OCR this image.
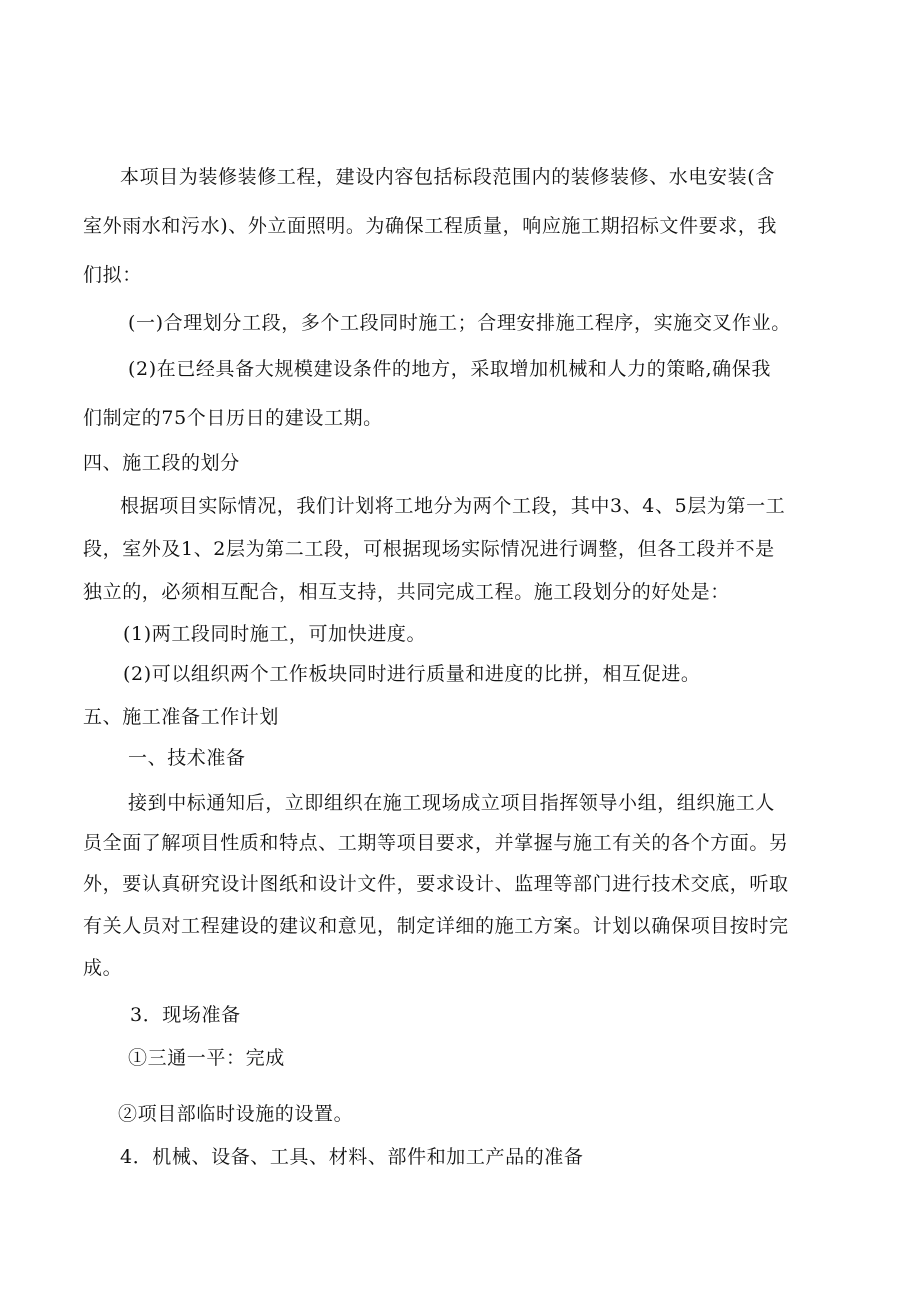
本项目为装修装修工程，建设内容包括标段范围内的装修装修、水电安装(含
室外雨水和污水)、外立面照明。为确保工程质量，响应施工期招标文件要求，我
们拟：
(一)合理划分工段，多个工段同时施工；合理安排施工程序，实施交叉作业。
(2)在已经具备大规模建设条件的地方，采取增加机械和人力的策略,确保我
们制定的75个日历日的建设工期。
四、施工段的划分
根据项目实际情况，我们计划将工地分为两个工段，其中3、4、5层为第一工
段，室外及1、2层为第二工段，可根据现场实际情况进行调整，但各工段并不是
独立的，必须相互配合，相互支持，共同完成工程。施工段划分的好处是：
(1)两工段同时施工，可加快进度。
(2)可以组织两个工作板块同时进行质量和进度的比拼，相互促进。
五、施工准备工作计划
一、技术准备
接到中标通知后，立即组织在施工现场成立项目指挥领导小组，组织施工人
员全面了解项目性质和特点、工期等项目要求，并掌握与施工有关的各个方面。另
外，要认真研究设计图纸和设计文件，要求设计、监理等部门进行技术交底，听取
有关人员对工程建设的建议和意见，制定详细的施工方案。计划以确保项目按时完
成。
3．现场准备
①三通一平：完成
②项目部临时设施的设置。
4．机械、设备、工具、材料、部件和加工产品的准备
